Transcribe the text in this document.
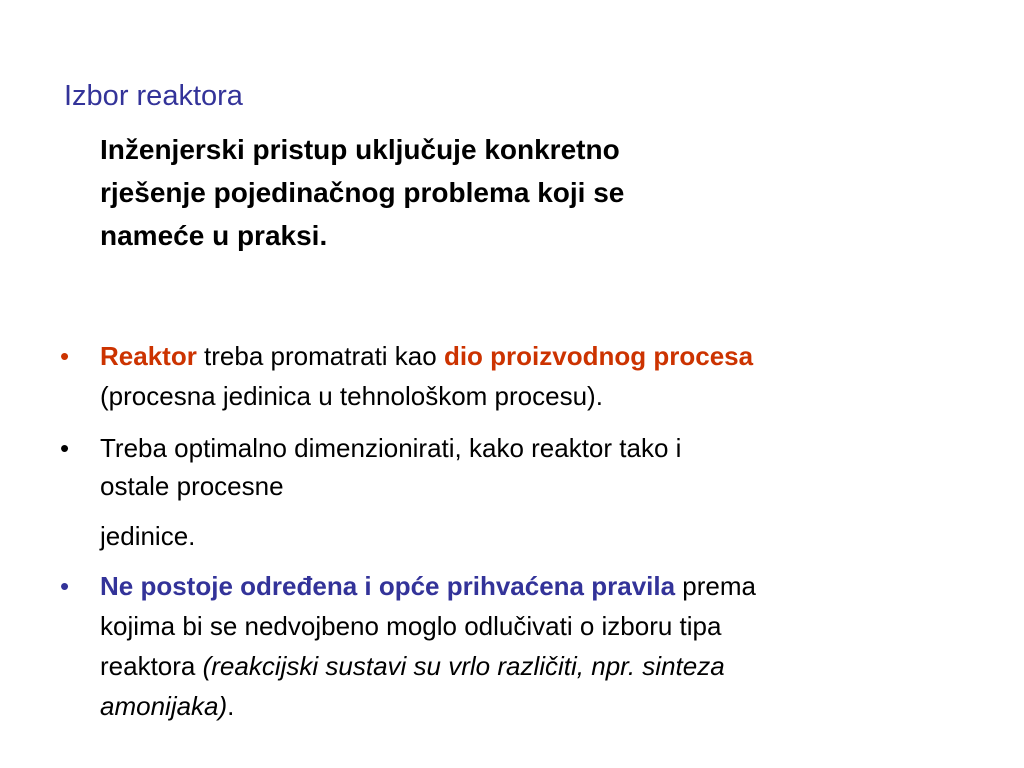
Izbor reaktora
Inženjerski pristup uključuje konkretno
rješenje pojedinačnog problema koji se
nameće u praksi.
• Reaktor treba promatrati kao dio proizvodnog procesa
(procesna jedinica u tehnološkom procesu).
• Treba optimalno dimenzionirati, kako reaktor tako i
ostale procesne
jedinice.
• Ne postoje određena i opće prihvaćena pravila prema
kojima bi se nedvojbeno moglo odlučivati o izboru tipa
reaktora (reakcijski sustavi su vrlo različiti, npr. sinteza
amonijaka).
